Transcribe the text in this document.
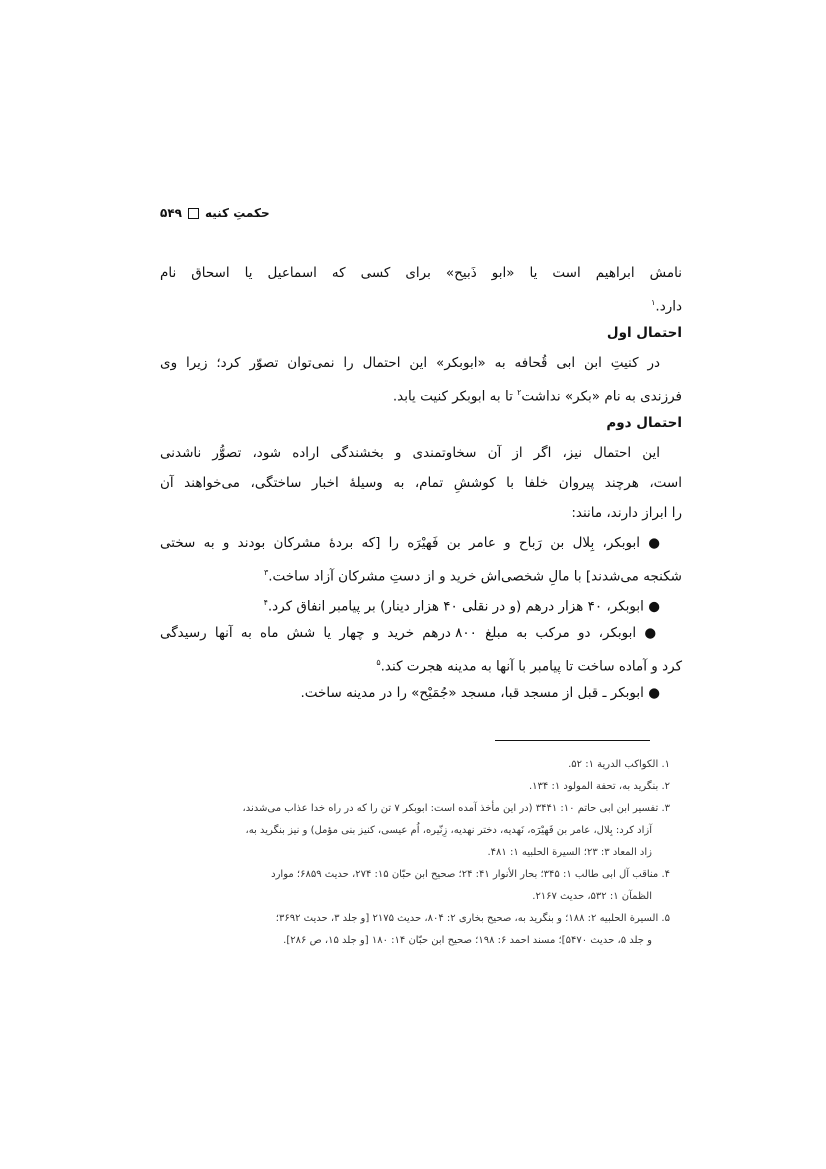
حکمتِ کنیه
۵۴۹
نامش ابراهیم است یا «ابو ذَبیح» برای کسی که اسماعیل یا اسحاق نام
دارد.$^۱$
احتمال اول
در کنیتِ ابن ابی قُحافه به «ابوبکر» این احتمال را نمی‌توان تصوّر کرد؛ زیرا وی
فرزندی به نام «بکر» نداشت$^۲$ تا به ابوبکر کنیت یابد.
احتمال دوم
این احتمال نیز، اگر از آن سخاوتمندی و بخشندگی اراده شود، تصوُّر ناشدنی
است، هرچند پیروان خلفا با کوششِ تمام، به وسیلهٔ اخبار ساختگی، می‌خواهند آن
را ابراز دارند، مانند:
● ابوبکر، بِلال بن رَباح و عامر بن فَهیْرَه را [که بردهٔ مشرکان بودند و به سختی
شکنجه می‌شدند] با مالِ شخصی‌اش خرید و از دستِ مشرکان آزاد ساخت.$^۳$
● ابوبکر، ۴۰ هزار درهم (و در نقلی ۴۰ هزار دینار) بر پیامبر انفاق کرد.$^۴$
● ابوبکر، دو مرکب به مبلغ ۸۰۰ درهم خرید و چهار یا شش ماه به آنها رسیدگی
کرد و آماده ساخت تا پیامبر با آنها به مدینه هجرت کند.$^۵$
● ابوبکر ـ قبل از مسجد قبا، مسجد «جُمَیْح» را در مدینه ساخت.
۱. الکواکب الدریة ۱: ۵۲.
۲. بنگرید به، تحفة المولود ۱: ۱۳۴.
۳. تفسیر ابن ابی حاتم ۱۰: ۳۴۴۱ (در این مأخذ آمده است: ابوبکر ۷ تن را که در راه خدا عذاب می‌شدند،
آزاد کرد: بِلال، عامر بن فَهیْرَه، نَهدیه، دختر نهدیه، زِنّیره، اُم عیسی، کنیز بنی مؤمل) و نیز بنگرید به،
زاد المعاد ۳: ۲۳؛ السیرة الحلبیه ۱: ۴۸۱.
۴. مناقب آل ابی طالب ۱: ۳۴۵؛ بحار الأنوار ۴۱: ۲۴؛ صحیح ابن حبّان ۱۵: ۲۷۴، حدیث ۶۸۵۹؛ موارد
الظمآن ۱: ۵۳۲، حدیث ۲۱۶۷.
۵. السیرة الحلبیه ۲: ۱۸۸؛ و بنگرید به، صحیح بخاری ۲: ۸۰۴، حدیث ۲۱۷۵ [و جلد ۳، حدیث ۳۶۹۲؛
و جلد ۵، حدیث ۵۴۷۰]؛ مسند احمد ۶: ۱۹۸؛ صحیح ابن حبّان ۱۴: ۱۸۰ [و جلد ۱۵، ص ۲۸۶].
